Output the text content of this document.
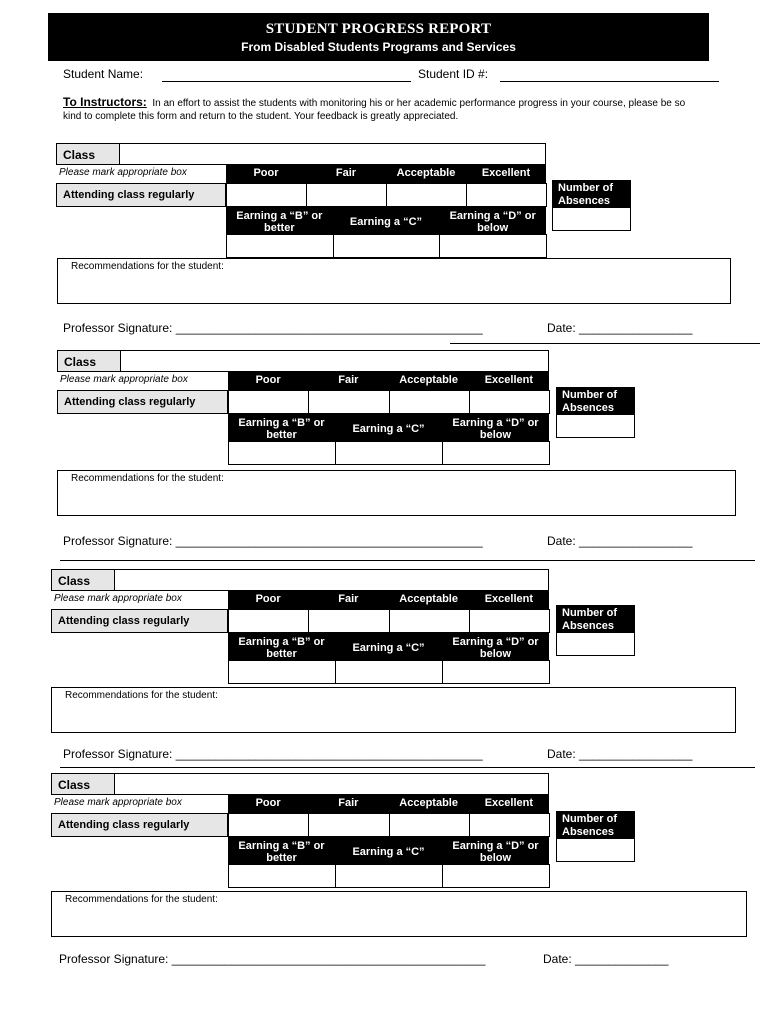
STUDENT PROGRESS REPORT
From Disabled Students Programs and Services
Student Name:	Student ID #:
To Instructors: In an effort to assist the students with monitoring his or her academic performance progress in your course, please be so kind to complete this form and return to the student. Your feedback is greatly appreciated.
Class
Please mark appropriate box
Attending class regularly
Poor	Fair	Acceptable	Excellent
Earning a “B” or better	Earning a “C”	Earning a “D” or below
Number of Absences
Recommendations for the student:
Professor Signature: ______________________________________________	Date: _________________
Class
Please mark appropriate box
Attending class regularly
Poor	Fair	Acceptable	Excellent
Earning a “B” or better	Earning a “C”	Earning a “D” or below
Number of Absences
Recommendations for the student:
Professor Signature: ______________________________________________	Date: _________________
Class
Please mark appropriate box
Attending class regularly
Poor	Fair	Acceptable	Excellent
Earning a “B” or better	Earning a “C”	Earning a “D” or below
Number of Absences
Recommendations for the student:
Professor Signature: ______________________________________________	Date: _________________
Class
Please mark appropriate box
Attending class regularly
Poor	Fair	Acceptable	Excellent
Earning a “B” or better	Earning a “C”	Earning a “D” or below
Number of Absences
Recommendations for the student:
Professor Signature: _______________________________________________	Date: ______________
